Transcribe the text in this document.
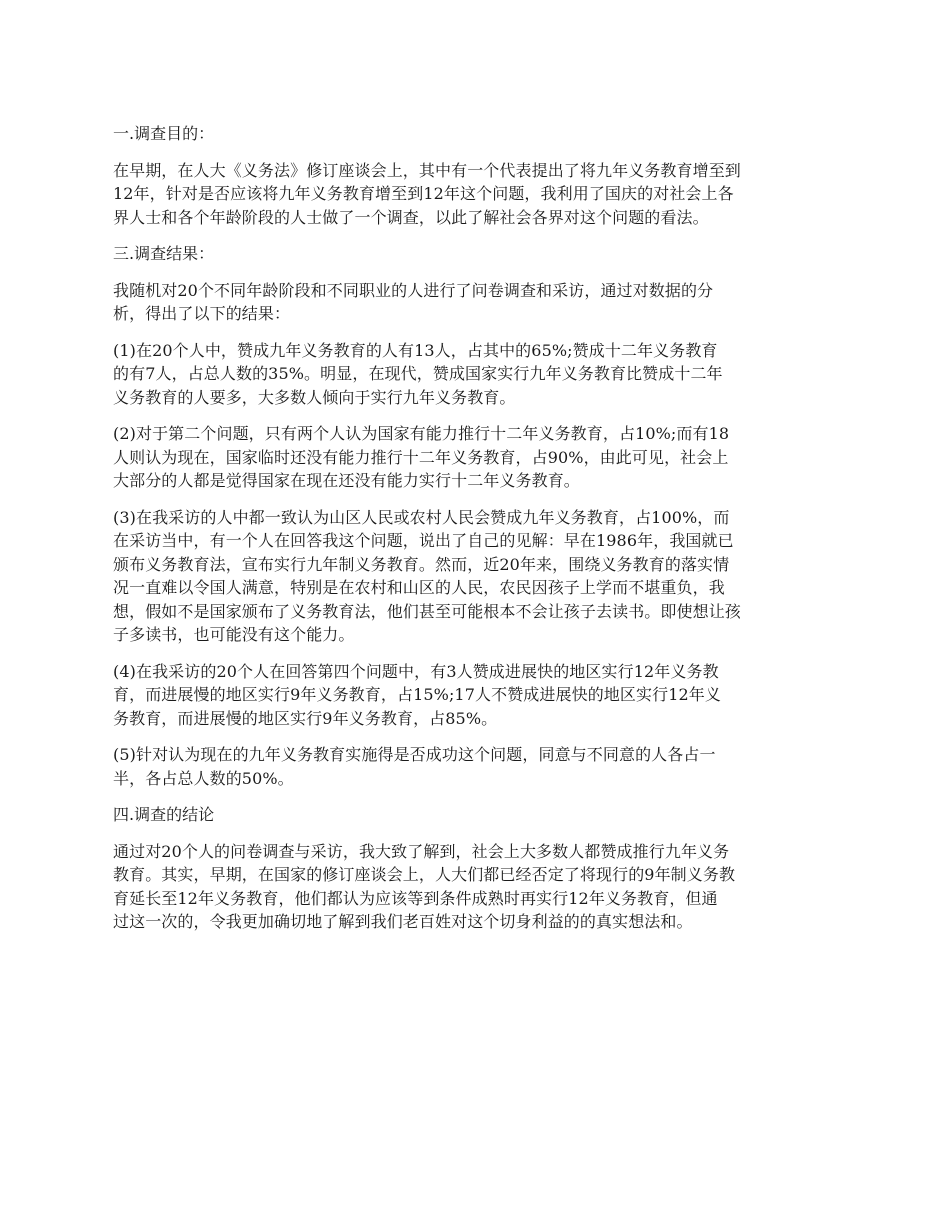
一.调查目的：

在早期，在人大《义务法》修订座谈会上，其中有一个代表提出了将九年义务教育增至到
12年，针对是否应该将九年义务教育增至到12年这个问题，我利用了国庆的对社会上各
界人士和各个年龄阶段的人士做了一个调查，以此了解社会各界对这个问题的看法。

三.调查结果：

我随机对20个不同年龄阶段和不同职业的人进行了问卷调查和采访，通过对数据的分
析，得出了以下的结果：

(1)在20个人中，赞成九年义务教育的人有13人，占其中的65%;赞成十二年义务教育
的有7人，占总人数的35%。明显，在现代，赞成国家实行九年义务教育比赞成十二年
义务教育的人要多，大多数人倾向于实行九年义务教育。

(2)对于第二个问题，只有两个人认为国家有能力推行十二年义务教育，占10%;而有18
人则认为现在，国家临时还没有能力推行十二年义务教育，占90%，由此可见，社会上
大部分的人都是觉得国家在现在还没有能力实行十二年义务教育。

(3)在我采访的人中都一致认为山区人民或农村人民会赞成九年义务教育，占100%，而
在采访当中，有一个人在回答我这个问题，说出了自己的见解：早在1986年，我国就已
颁布义务教育法，宣布实行九年制义务教育。然而，近20年来，围绕义务教育的落实情
况一直难以令国人满意，特别是在农村和山区的人民，农民因孩子上学而不堪重负，我
想，假如不是国家颁布了义务教育法，他们甚至可能根本不会让孩子去读书。即使想让孩
子多读书，也可能没有这个能力。

(4)在我采访的20个人在回答第四个问题中，有3人赞成进展快的地区实行12年义务教
育，而进展慢的地区实行9年义务教育，占15%;17人不赞成进展快的地区实行12年义
务教育，而进展慢的地区实行9年义务教育，占85%。

(5)针对认为现在的九年义务教育实施得是否成功这个问题，同意与不同意的人各占一
半，各占总人数的50%。

四.调查的结论

通过对20个人的问卷调查与采访，我大致了解到，社会上大多数人都赞成推行九年义务
教育。其实，早期，在国家的修订座谈会上，人大们都已经否定了将现行的9年制义务教
育延长至12年义务教育，他们都认为应该等到条件成熟时再实行12年义务教育，但通
过这一次的，令我更加确切地了解到我们老百姓对这个切身利益的的真实想法和。
